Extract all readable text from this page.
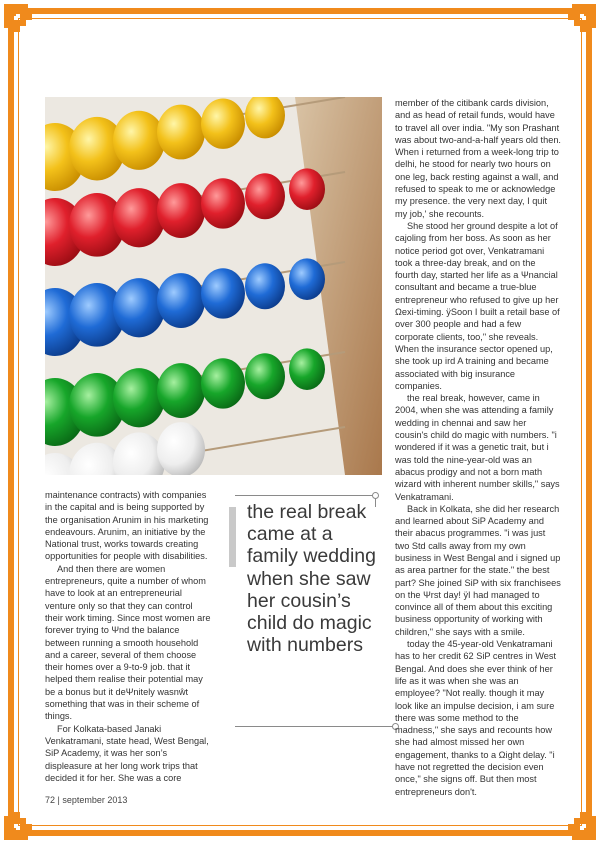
maintenance contracts) with companies in the capital and is being supported by the organisation Arunim in his marketing endeavours. Arunim, an initiative by the National trust, works towards creating opportunities for people with disabilities.

And then there are women entrepreneurs, quite a number of whom have to look at an entrepreneurial venture only so that they can control their work timing. Since most women are forever trying to Ψnd the balance between running a smooth household and a career, several of them choose their homes over a 9-to-9 job. that it helped them realise their potential may be a bonus but it deΨnitely wasnŵt something that was in their scheme of things.

For Kolkata-based Janaki Venkatramani, state head, West Bengal, SiP Academy, it was her son’s displeasure at her long work trips that decided it for her. She was a core

the real break came at a family wedding when she saw her cousin’s child do magic with numbers

member of the citibank cards division, and as head of retail funds, would have to travel all over india. "My son Prashant was about two-and-a-half years old then. When i returned from a week-long trip to delhi, he stood for nearly two hours on one leg, back resting against a wall, and refused to speak to me or acknowledge my presence. the very next day, I quit my job,' she recounts.

She stood her ground despite a lot of cajoling from her boss. As soon as her notice period got over, Venkatramani took a three-day break, and on the fourth day, started her life as a Ψnancial consultant and became a true-blue entrepreneur who refused to give up her Ωexi-timing. ÿSoon I built a retail base of over 300 people and had a few corporate clients, too," she reveals. When the insurance sector opened up, she took up ird A training and became associated with big insurance companies.

the real break, however, came in 2004, when she was attending a family wedding in chennai and saw her cousin's child do magic with numbers. "i wondered if it was a genetic trait, but i was told the nine-year-old was an abacus prodigy and not a born math wizard with inherent number skills," says Venkatramani.

Back in Kolkata, she did her research and learned about SiP Academy and their abacus programmes. "i was just two Std calls away from my own business in West Bengal and i signed up as area partner for the state." the best part? She joined SiP with six franchisees on the Ψrst day! ÿI had managed to convince all of them about this exciting business opportunity of working with children," she says with a smile.

today the 45-year-old Venkatramani has to her credit 62 SiP centres in West Bengal. And does she ever think of her life as it was when she was an employee? "Not really. though it may look like an impulse decision, i am sure there was some method to the madness," she says and recounts how she had almost missed her own engagement, thanks to a Ωight delay. "i have not regretted the decision even once," she signs off. But then most entrepreneurs don't.

72 | september 2013
